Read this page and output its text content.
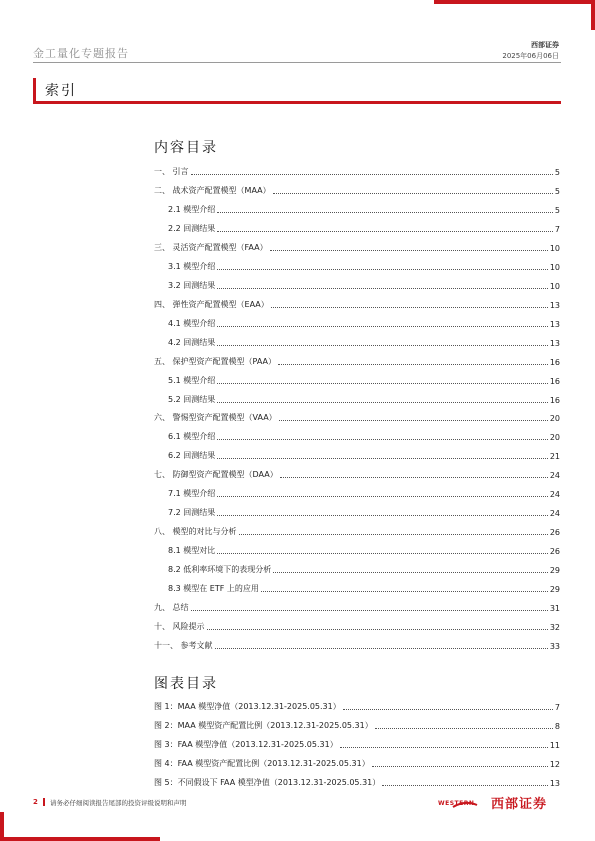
金工量化专题报告
西部证券
2025年06月06日
索引
内容目录
一、 引言	5
二、 战术资产配置模型（MAA）	5
2.1 模型介绍	5
2.2 回测结果	7
三、 灵活资产配置模型（FAA）	10
3.1 模型介绍	10
3.2 回测结果	10
四、 弹性资产配置模型（EAA）	13
4.1 模型介绍	13
4.2 回测结果	13
五、 保护型资产配置模型（PAA）	16
5.1 模型介绍	16
5.2 回测结果	16
六、 警惕型资产配置模型（VAA）	20
6.1 模型介绍	20
6.2 回测结果	21
七、 防御型资产配置模型（DAA）	24
7.1 模型介绍	24
7.2 回测结果	24
八、 模型的对比与分析	26
8.1 模型对比	26
8.2 低利率环境下的表现分析	29
8.3 模型在 ETF 上的应用	29
九、 总结	31
十、 风险提示	32
十一、 参考文献	33
图表目录
图 1：MAA 模型净值（2013.12.31-2025.05.31）	7
图 2：MAA 模型资产配置比例（2013.12.31-2025.05.31）	8
图 3：FAA 模型净值（2013.12.31-2025.05.31）	11
图 4：FAA 模型资产配置比例（2013.12.31-2025.05.31）	12
图 5：不同假设下 FAA 模型净值（2013.12.31-2025.05.31）	13
2 请务必仔细阅读报告尾部的投资评级说明和声明	WESTERN 西部证券
